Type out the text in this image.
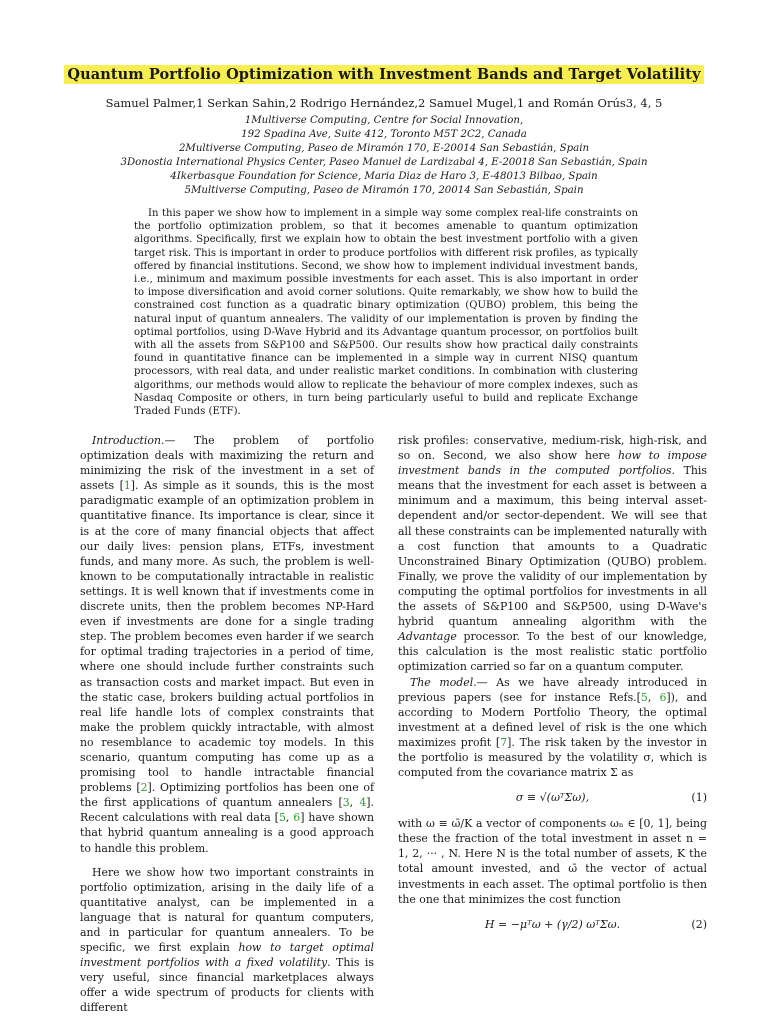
Quantum Portfolio Optimization with Investment Bands and Target Volatility
Samuel Palmer,1 Serkan Sahin,2 Rodrigo Hernández,2 Samuel Mugel,1 and Román Orús3, 4, 5
1Multiverse Computing, Centre for Social Innovation,
192 Spadina Ave, Suite 412, Toronto M5T 2C2, Canada
2Multiverse Computing, Paseo de Miramón 170, E-20014 San Sebastián, Spain
3Donostia International Physics Center, Paseo Manuel de Lardizabal 4, E-20018 San Sebastián, Spain
4Ikerbasque Foundation for Science, Maria Diaz de Haro 3, E-48013 Bilbao, Spain
5Multiverse Computing, Paseo de Miramón 170, 20014 San Sebastián, Spain
In this paper we show how to implement in a simple way some complex real-life constraints on the portfolio optimization problem, so that it becomes amenable to quantum optimization algorithms. Specifically, first we explain how to obtain the best investment portfolio with a given target risk. This is important in order to produce portfolios with different risk profiles, as typically offered by financial institutions. Second, we show how to implement individual investment bands, i.e., minimum and maximum possible investments for each asset. This is also important in order to impose diversification and avoid corner solutions. Quite remarkably, we show how to build the constrained cost function as a quadratic binary optimization (QUBO) problem, this being the natural input of quantum annealers. The validity of our implementation is proven by finding the optimal portfolios, using D-Wave Hybrid and its Advantage quantum processor, on portfolios built with all the assets from S&P100 and S&P500. Our results show how practical daily constraints found in quantitative finance can be implemented in a simple way in current NISQ quantum processors, with real data, and under realistic market conditions. In combination with clustering algorithms, our methods would allow to replicate the behaviour of more complex indexes, such as Nasdaq Composite or others, in turn being particularly useful to build and replicate Exchange Traded Funds (ETF).

Introduction.— The problem of portfolio optimization deals with maximizing the return and minimizing the risk of the investment in a set of assets [1]. As simple as it sounds, this is the most paradigmatic example of an optimization problem in quantitative finance. Its importance is clear, since it is at the core of many financial objects that affect our daily lives: pension plans, ETFs, investment funds, and many more. As such, the problem is well-known to be computationally intractable in realistic settings. It is well known that if investments come in discrete units, then the problem becomes NP-Hard even if investments are done for a single trading step. The problem becomes even harder if we search for optimal trading trajectories in a period of time, where one should include further constraints such as transaction costs and market impact. But even in the static case, brokers building actual portfolios in real life handle lots of complex constraints that make the problem quickly intractable, with almost no resemblance to academic toy models. In this scenario, quantum computing has come up as a promising tool to handle intractable financial problems [2]. Optimizing portfolios has been one of the first applications of quantum annealers [3, 4]. Recent calculations with real data [5, 6] have shown that hybrid quantum annealing is a good approach to handle this problem.

Here we show how two important constraints in portfolio optimization, arising in the daily life of a quantitative analyst, can be implemented in a language that is natural for quantum computers, and in particular for quantum annealers. To be specific, we first explain how to target optimal investment portfolios with a fixed volatility. This is very useful, since financial marketplaces always offer a wide spectrum of products for clients with different

risk profiles: conservative, medium-risk, high-risk, and so on. Second, we also show here how to impose investment bands in the computed portfolios. This means that the investment for each asset is between a minimum and a maximum, this being interval asset-dependent and/or sector-dependent. We will see that all these constraints can be implemented naturally with a cost function that amounts to a Quadratic Unconstrained Binary Optimization (QUBO) problem. Finally, we prove the validity of our implementation by computing the optimal portfolios for investments in all the assets of S&P100 and S&P500, using D-Wave's hybrid quantum annealing algorithm with the Advantage processor. To the best of our knowledge, this calculation is the most realistic static portfolio optimization carried so far on a quantum computer.

The model.— As we have already introduced in previous papers (see for instance Refs.[5, 6]), and according to Modern Portfolio Theory, the optimal investment at a defined level of risk is the one which maximizes profit [7]. The risk taken by the investor in the portfolio is measured by the volatility σ, which is computed from the covariance matrix Σ as

σ ≡ √(ωᵀΣω),	(1)

with ω ≡ ω̄/K a vector of components ωₙ ∈ [0, 1], being these the fraction of the total investment in asset n = 1, 2, ··· , N. Here N is the total number of assets, K the total amount invested, and ω̄ the vector of actual investments in each asset. The optimal portfolio is then the one that minimizes the cost function

H = −μᵀω + (γ/2) ωᵀΣω.	(2)
